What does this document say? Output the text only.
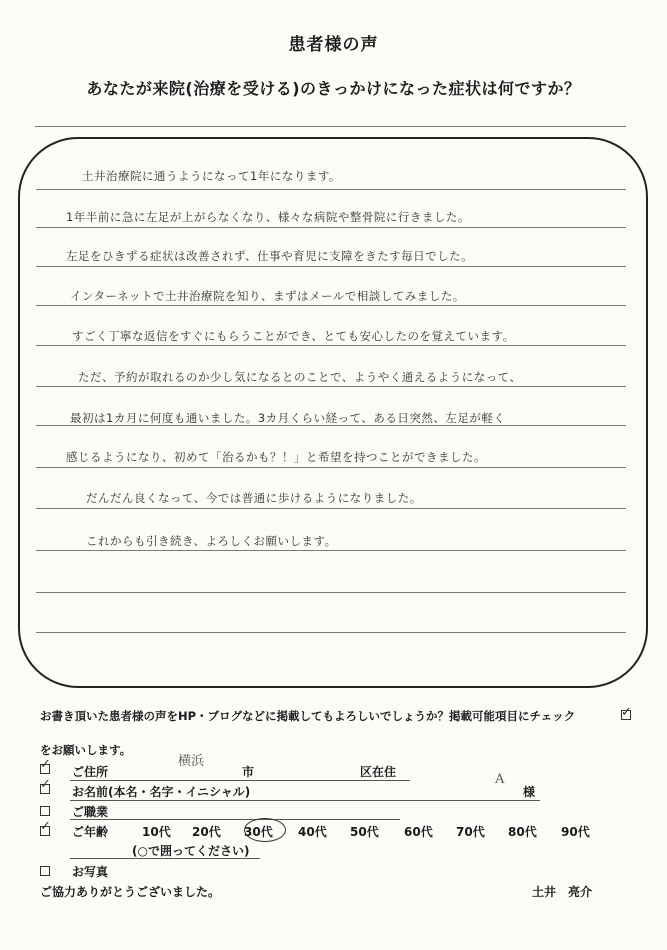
患者様の声
あなたが来院(治療を受ける)のきっかけになった症状は何ですか？
土井治療院に通うようになって1年になります。
1年半前に急に左足が上がらなくなり、様々な病院や整骨院に行きました。
左足をひきずる症状は改善されず、仕事や育児に支障をきたす毎日でした。
インターネットで土井治療院を知り、まずはメールで相談してみました。
すごく丁寧な返信をすぐにもらうことができ、とても安心したのを覚えています。
ただ、予約が取れるのか少し気になるとのことで、ようやく通えるようになって、
最初は1カ月に何度も通いました。3カ月くらい経って、ある日突然、左足が軽く
感じるようになり、初めて「治るかも？！」と希望を持つことができました。
だんだん良くなって、今では普通に歩けるようになりました。
これからも引き続き、よろしくお願いします。
お書き頂いた患者様の声をHP・ブログなどに掲載してもよろしいでしょうか？掲載可能項目にチェック	✓
をお願いします。
✓ ご住所
横浜
市	区在住
✓ お名前(本名・名字・イニシャル)
A
様
ご職業
✓ ご年齢	10代 20代 30代 40代 50代 60代 70代 80代 90代
(○で囲ってください)
お写真
ご協力ありがとうございました。	土井　亮介
